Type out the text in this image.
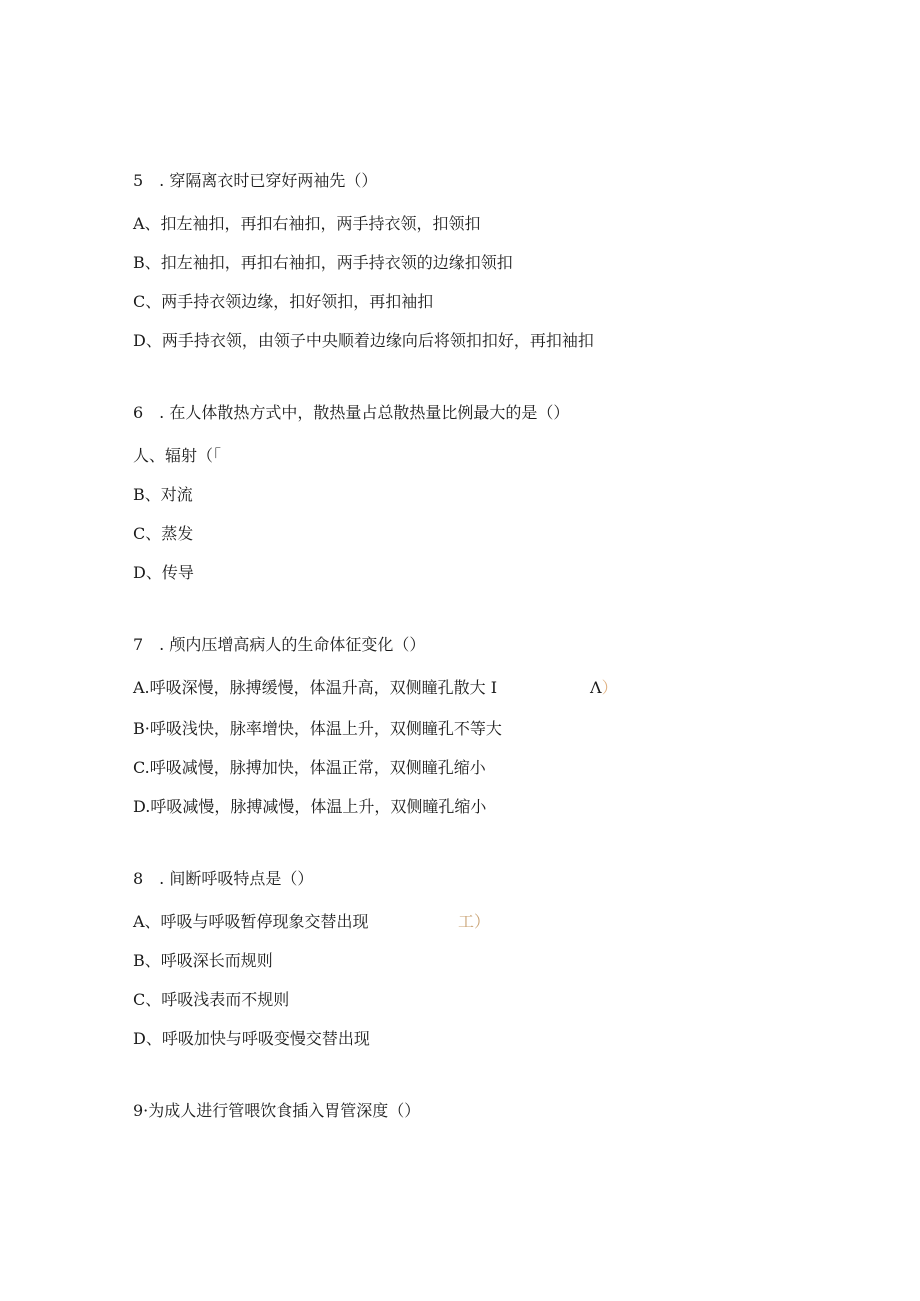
5　. 穿隔离衣时已穿好两袖先（）
A、扣左袖扣，再扣右袖扣，两手持衣领，扣领扣
B、扣左袖扣，再扣右袖扣，两手持衣领的边缘扣领扣
C、两手持衣领边缘，扣好领扣，再扣袖扣
D、两手持衣领，由领子中央顺着边缘向后将领扣扣好，再扣袖扣
6　. 在人体散热方式中，散热量占总散热量比例最大的是（）
人、辐射（「
B、对流
C、蒸发
D、传导
7　. 颅内压增高病人的生命体征变化（）
A.呼吸深慢，脉搏缓慢，体温升高，双侧瞳孔散大 I	Λ）
B·呼吸浅快，脉率增快，体温上升，双侧瞳孔不等大
C.呼吸减慢，脉搏加快，体温正常，双侧瞳孔缩小
D.呼吸减慢，脉搏减慢，体温上升，双侧瞳孔缩小
8　. 间断呼吸特点是（）
A、呼吸与呼吸暂停现象交替出现	工）
B、呼吸深长而规则
C、呼吸浅表而不规则
D、呼吸加快与呼吸变慢交替出现
9·为成人进行管喂饮食插入胃管深度（）
